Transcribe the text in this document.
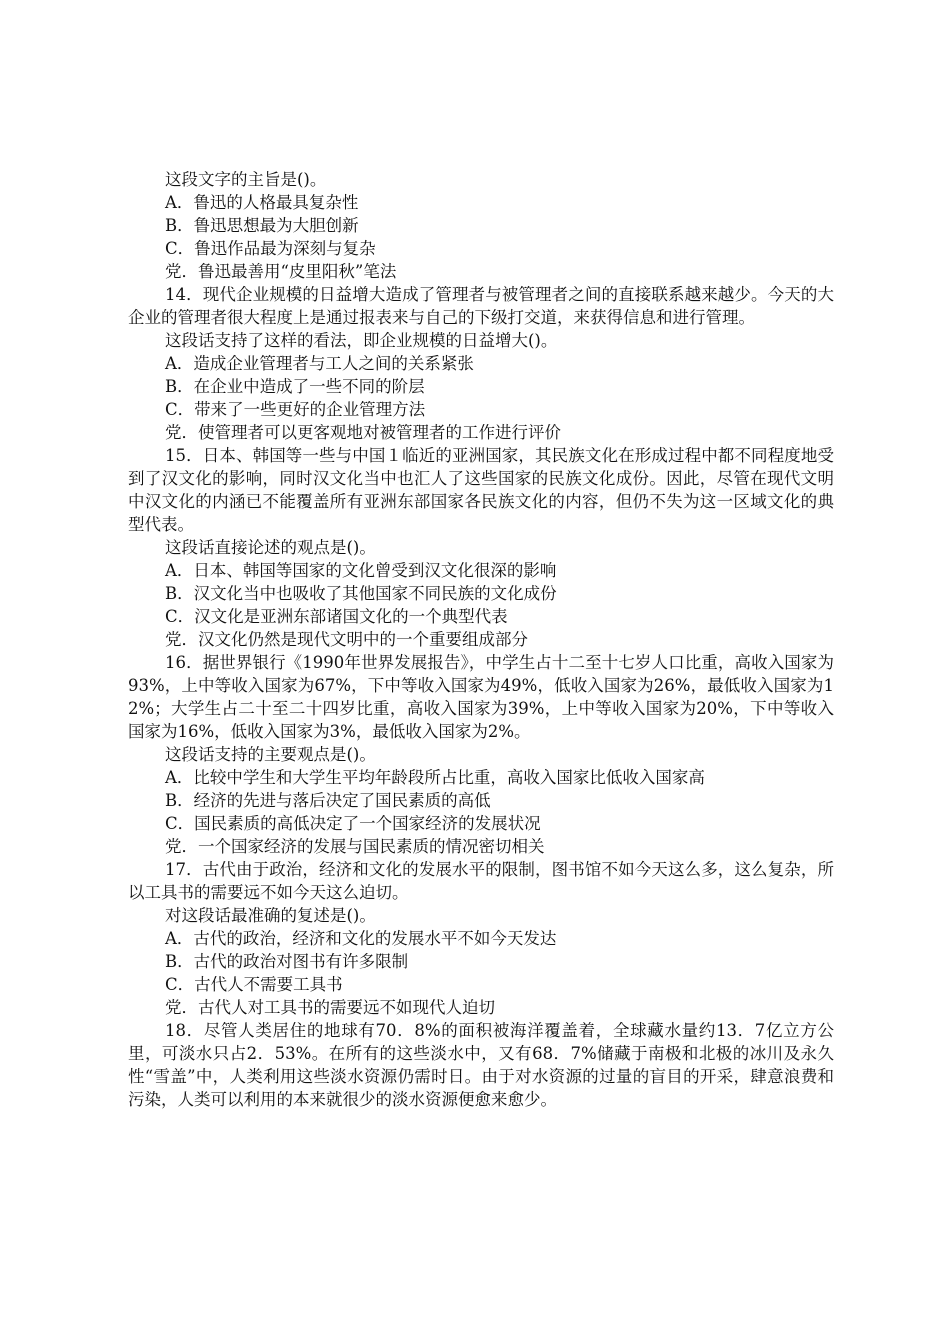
这段文字的主旨是()。

A．鲁迅的人格最具复杂性

B．鲁迅思想最为大胆创新

C．鲁迅作品最为深刻与复杂

党．鲁迅最善用“皮里阳秋”笔法

14．现代企业规模的日益增大造成了管理者与被管理者之间的直接联系越来越少。今天的大企业的管理者很大程度上是通过报表来与自己的下级打交道，来获得信息和进行管理。

这段话支持了这样的看法，即企业规模的日益增大()。

A．造成企业管理者与工人之间的关系紧张

B．在企业中造成了一些不同的阶层

C．带来了一些更好的企业管理方法

党．使管理者可以更客观地对被管理者的工作进行评价

15．日本、韩国等一些与中国１临近的亚洲国家，其民族文化在形成过程中都不同程度地受到了汉文化的影响，同时汉文化当中也汇人了这些国家的民族文化成份。因此，尽管在现代文明中汉文化的内涵已不能覆盖所有亚洲东部国家各民族文化的内容，但仍不失为这一区域文化的典型代表。

这段话直接论述的观点是()。

A．日本、韩国等国家的文化曾受到汉文化很深的影响

B．汉文化当中也吸收了其他国家不同民族的文化成份

C．汉文化是亚洲东部诸国文化的一个典型代表

党．汉文化仍然是现代文明中的一个重要组成部分

16．据世界银行《1990年世界发展报告》，中学生占十二至十七岁人口比重，高收入国家为93%，上中等收入国家为67%，下中等收入国家为49%，低收入国家为26%，最低收入国家为12%；大学生占二十至二十四岁比重，高收入国家为39%，上中等收入国家为20%，下中等收入国家为16%，低收入国家为3%，最低收入国家为2%。

这段话支持的主要观点是()。

A．比较中学生和大学生平均年龄段所占比重，高收入国家比低收入国家高

B．经济的先进与落后决定了国民素质的高低

C．国民素质的高低决定了一个国家经济的发展状况

党．一个国家经济的发展与国民素质的情况密切相关

17．古代由于政治，经济和文化的发展水平的限制，图书馆不如今天这么多，这么复杂，所以工具书的需要远不如今天这么迫切。

对这段话最准确的复述是()。

A．古代的政治，经济和文化的发展水平不如今天发达

B．古代的政治对图书有许多限制

C．古代人不需要工具书

党．古代人对工具书的需要远不如现代人迫切

18．尽管人类居住的地球有70．8%的面积被海洋覆盖着，全球藏水量约13．7亿立方公里，可淡水只占2．53%。在所有的这些淡水中，又有68．7%储藏于南极和北极的冰川及永久性“雪盖”中，人类利用这些淡水资源仍需时日。由于对水资源的过量的盲目的开采，肆意浪费和污染，人类可以利用的本来就很少的淡水资源便愈来愈少。
